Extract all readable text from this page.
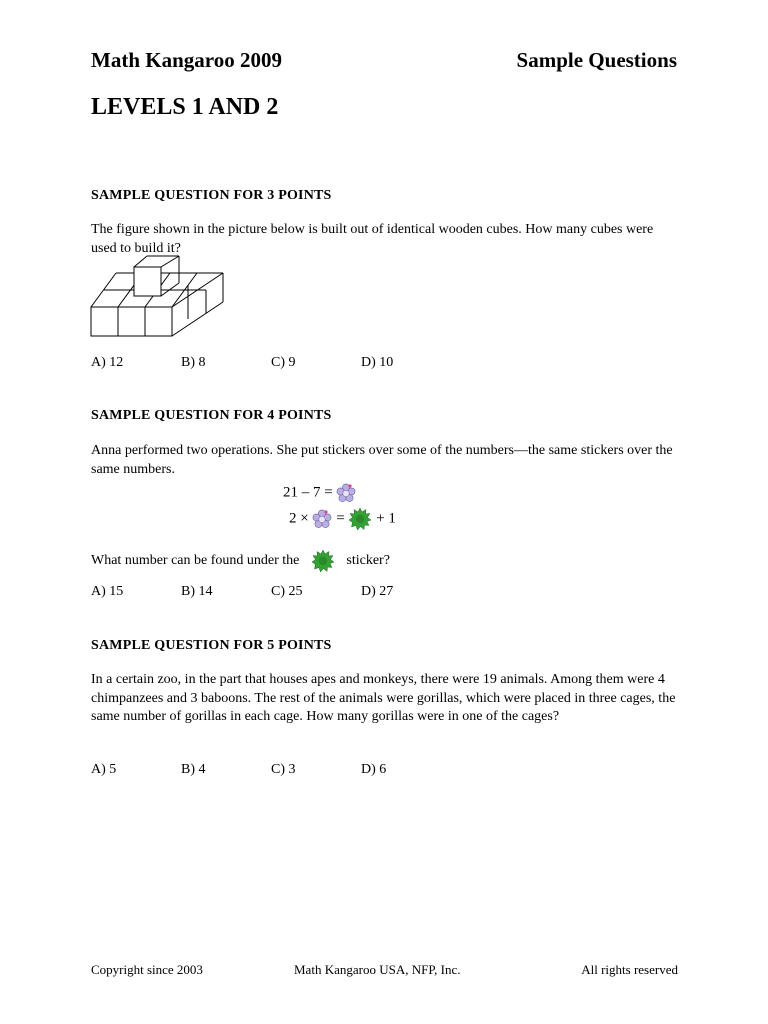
Math Kangaroo 2009	Sample Questions
LEVELS 1 AND 2
SAMPLE QUESTION FOR 3 POINTS
The figure shown in the picture below is built out of identical wooden cubes. How many cubes were used to build it?
A) 12	B) 8	C) 9	D) 10
SAMPLE QUESTION FOR 4 POINTS
Anna performed two operations. She put stickers over some of the numbers—the same stickers over the same numbers.
21 – 7 =
2 × = + 1
What number can be found under the	sticker?
A) 15	B) 14	C) 25	D) 27
SAMPLE QUESTION FOR 5 POINTS
In a certain zoo, in the part that houses apes and monkeys, there were 19 animals. Among them were 4 chimpanzees and 3 baboons. The rest of the animals were gorillas, which were placed in three cages, the same number of gorillas in each cage. How many gorillas were in one of the cages?
A) 5	B) 4	C) 3	D) 6
Copyright since 2003	Math Kangaroo USA, NFP, Inc.	All rights reserved
